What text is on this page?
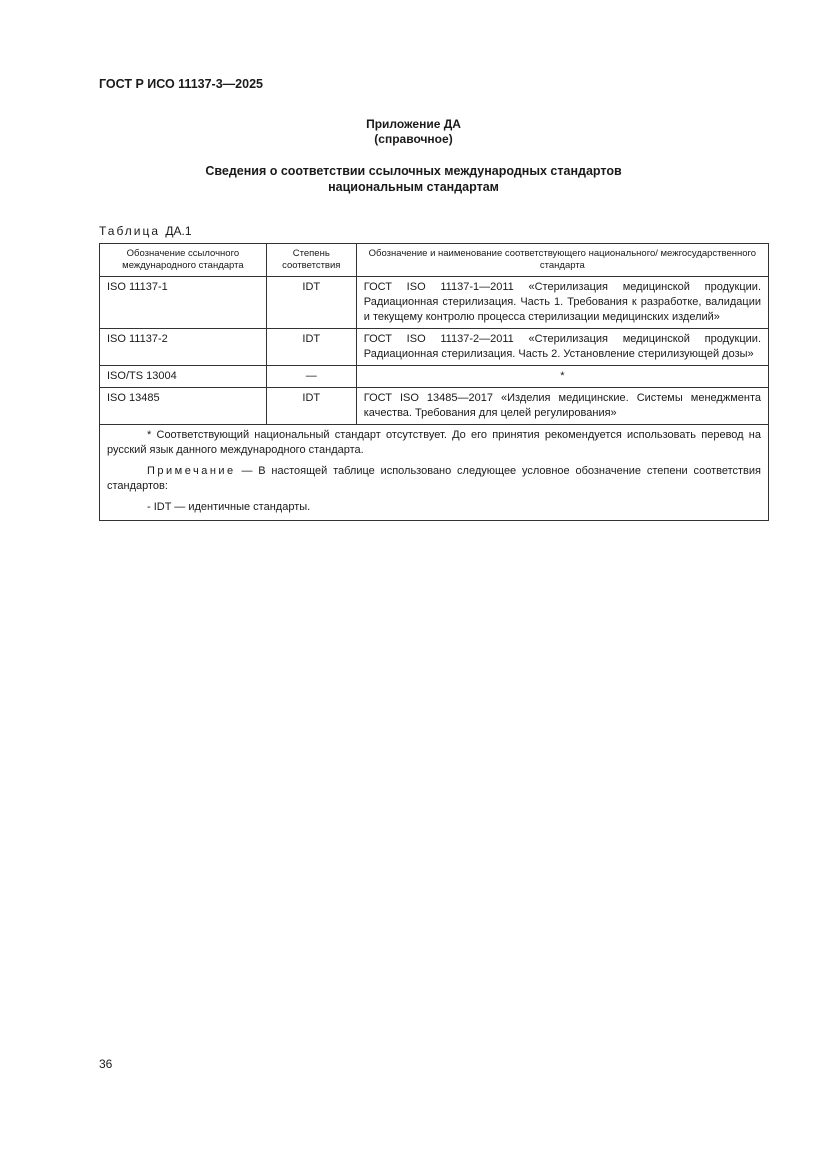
ГОСТ Р ИСО 11137-3—2025
Приложение ДА
(справочное)
Сведения о соответствии ссылочных международных стандартов
национальным стандартам
Таблица ДА.1
Обозначение ссылочного международного стандарта	Степень соответствия	Обозначение и наименование соответствующего национального/ межгосударственного стандарта
ISO 11137-1	IDT	ГОСТ ISO 11137-1—2011 «Стерилизация медицинской продукции. Радиационная стерилизация. Часть 1. Требования к разработке, валидации и текущему контролю процесса стерилизации медицинских изделий»
ISO 11137-2	IDT	ГОСТ ISO 11137-2—2011 «Стерилизация медицинской продукции. Радиационная стерилизация. Часть 2. Установление стерилизующей дозы»
ISO/TS 13004	—	*
ISO 13485	IDT	ГОСТ ISO 13485—2017 «Изделия медицинские. Системы менеджмента качества. Требования для целей регулирования»

* Соответствующий национальный стандарт отсутствует. До его принятия рекомендуется использовать перевод на русский язык данного международного стандарта.

Примечание — В настоящей таблице использовано следующее условное обозначение степени соответствия стандартов:

- IDT — идентичные стандарты.		

36
